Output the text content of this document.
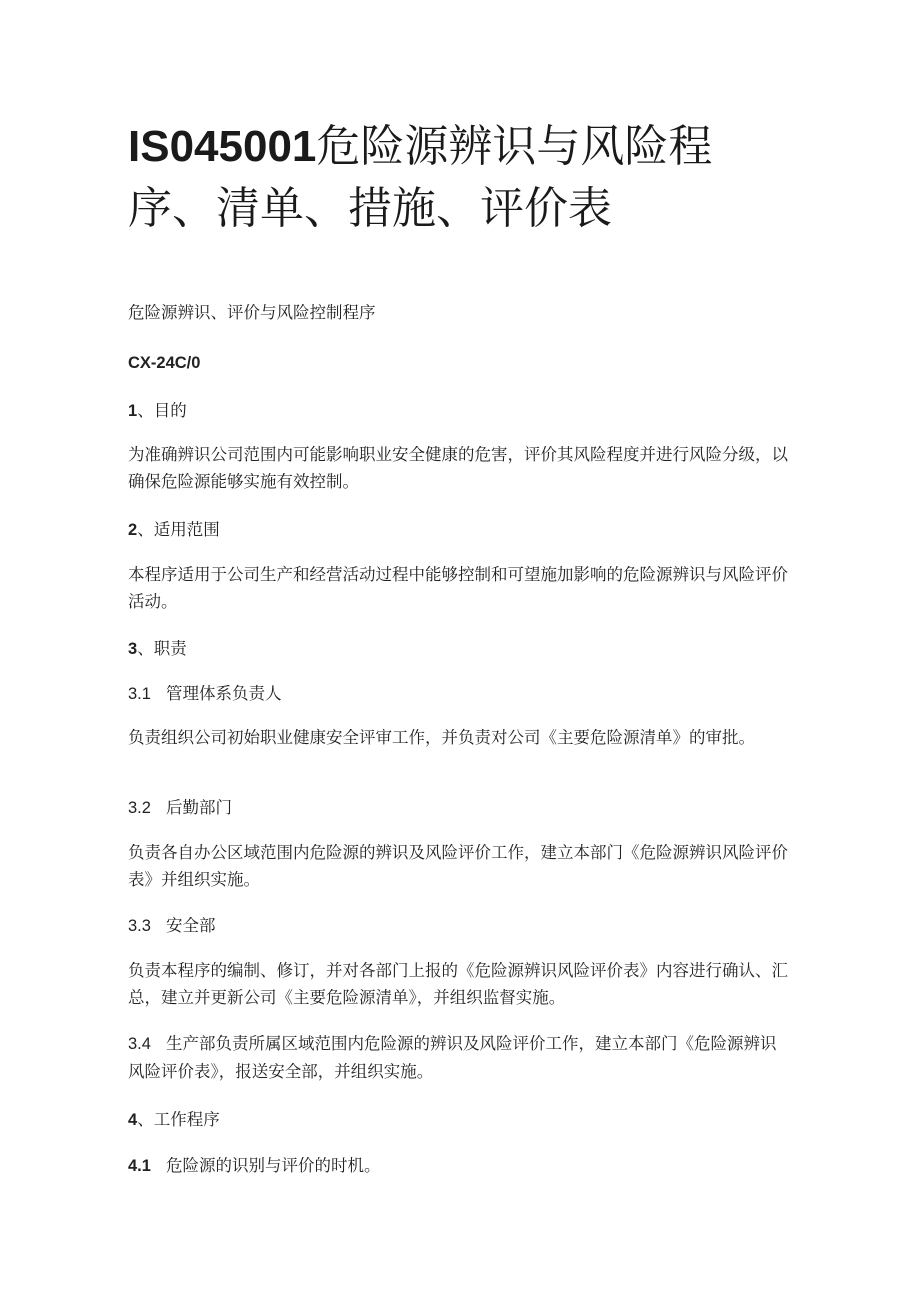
IS045001危险源辨识与风险程序、清单、措施、评价表

危险源辨识、评价与风险控制程序

CX-24C/0

1、目的

为准确辨识公司范围内可能影响职业安全健康的危害，评价其风险程度并进行风险分级，以确保危险源能够实施有效控制。

2、适用范围

本程序适用于公司生产和经营活动过程中能够控制和可望施加影响的危险源辨识与风险评价活动。

3、职责

3.1 管理体系负责人

负责组织公司初始职业健康安全评审工作，并负责对公司《主要危险源清单》的审批。

3.2 后勤部门

负责各自办公区域范围内危险源的辨识及风险评价工作，建立本部门《危险源辨识风险评价表》并组织实施。

3.3 安全部

负责本程序的编制、修订，并对各部门上报的《危险源辨识风险评价表》内容进行确认、汇总，建立并更新公司《主要危险源清单》，并组织监督实施。

3.4 生产部负责所属区域范围内危险源的辨识及风险评价工作，建立本部门《危险源辨识风险评价表》，报送安全部，并组织实施。

4、工作程序

4.1 危险源的识别与评价的时机。
